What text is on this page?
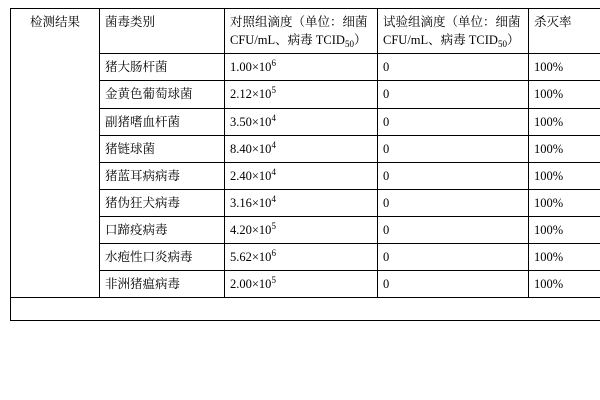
检测结果	菌毒类别	对照组滴度（单位：细菌 CFU/mL、病毒 $TCID_{50}$）	试验组滴度（单位：细菌 CFU/mL、病毒 $TCID_{50}$）	杀灭率
	猪大肠杆菌	$1.00\times 10^6$	0	100%
	金黄色葡萄球菌	$2.12\times 10^5$	0	100%
	副猪嗜血杆菌	$3.50\times 10^4$	0	100%
	猪链球菌	$8.40\times 10^4$	0	100%
	猪蓝耳病病毒	$2.40\times 10^4$	0	100%
	猪伪狂犬病毒	$3.16\times 10^4$	0	100%
	口蹄疫病毒	$4.20\times 10^5$	0	100%
	水疱性口炎病毒	$5.62\times 10^6$	0	100%
	非洲猪瘟病毒	$2.00\times 10^5$	0	100%
